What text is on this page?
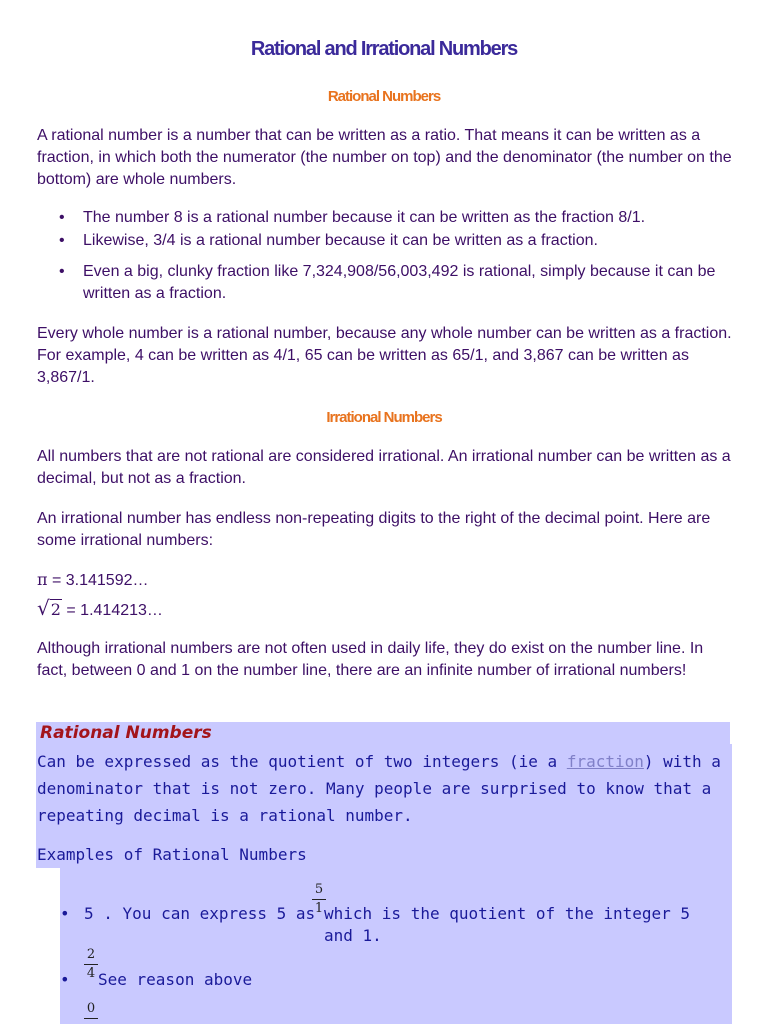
Rational and Irrational Numbers
Rational Numbers

A rational number is a number that can be written as a ratio. That means it can be written as a fraction, in which both the numerator (the number on top) and the denominator (the number on the bottom) are whole numbers.

• The number 8 is a rational number because it can be written as the fraction 8/1.
• Likewise, 3/4 is a rational number because it can be written as a fraction.
• Even a big, clunky fraction like 7,324,908/56,003,492 is rational, simply because it can be written as a fraction.

Every whole number is a rational number, because any whole number can be written as a fraction. For example, 4 can be written as 4/1, 65 can be written as 65/1, and 3,867 can be written as 3,867/1.

Irrational Numbers

All numbers that are not rational are considered irrational. An irrational number can be written as a decimal, but not as a fraction.

An irrational number has endless non-repeating digits to the right of the decimal point. Here are some irrational numbers:

π = 3.141592…
√2 = 1.414213…

Although irrational numbers are not often used in daily life, they do exist on the number line. In fact, between 0 and 1 on the number line, there are an infinite number of irrational numbers!

Rational Numbers

Can be expressed as the quotient of two integers (ie a fraction) with a denominator that is not zero. Many people are surprised to know that a repeating decimal is a rational number.

Examples of Rational Numbers
• 5 . You can express 5 as
5
1 which is the quotient of the integer 5 and 1.
2
4
• See reason above
0
